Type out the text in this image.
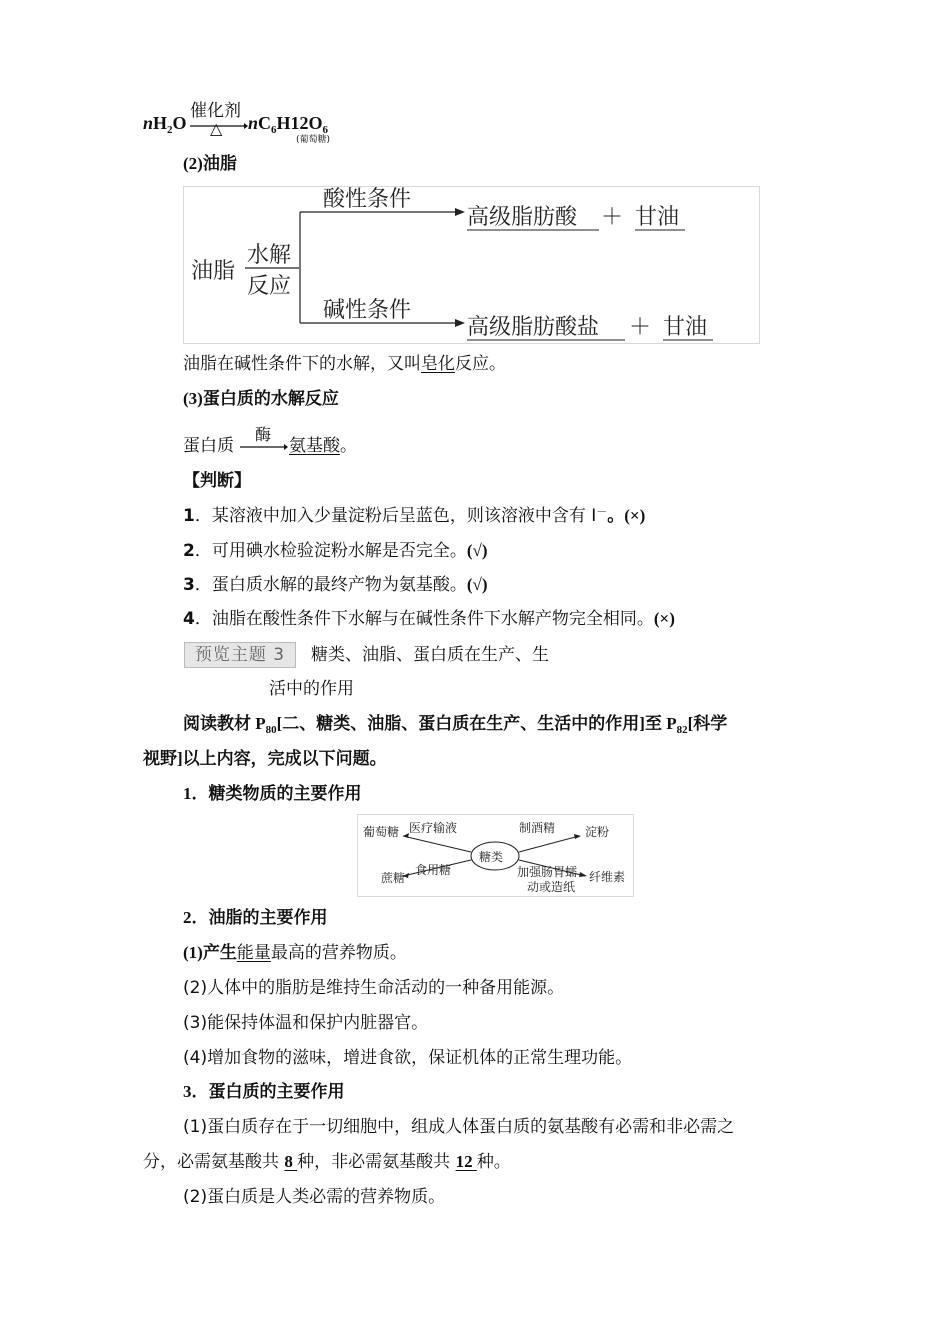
$nH_2O$
催化剂
△ $nC_6H12O_6$
(葡萄糖)
(2)油脂
油脂
水解
反应
酸性条件
碱性条件
高级脂肪酸 ＋ 甘油
高级脂肪酸盐 ＋ 甘油
油脂在碱性条件下的水解，又叫皂化反应。
(3)蛋白质的水解反应
蛋白质
酶
氨基酸。
【判断】
1．某溶液中加入少量淀粉后呈蓝色，则该溶液中含有 I－。(×)
2．可用碘水检验淀粉水解是否完全。(√)
3．蛋白质水解的最终产物为氨基酸。(√)
4．油脂在酸性条件下水解与在碱性条件下水解产物完全相同。(×)
预览主题 3	糖类、油脂、蛋白质在生产、生
活中的作用
阅读教材 $P_{80}$[二、糖类、油脂、蛋白质在生产、生活中的作用]至 $P_{82}$[科学
视野]以上内容，完成以下问题。
1．糖类物质的主要作用
糖类
葡萄糖 医疗输液	制酒精 淀粉
蔗糖
食用糖	加强肠胃蠕
动或造纸
纤维素
2．油脂的主要作用
(1)产生能量最高的营养物质。
(2)人体中的脂肪是维持生命活动的一种备用能源。
(3)能保持体温和保护内脏器官。
(4)增加食物的滋味，增进食欲，保证机体的正常生理功能。
3．蛋白质的主要作用
(1)蛋白质存在于一切细胞中，组成人体蛋白质的氨基酸有必需和非必需之
分，必需氨基酸共 8 种，非必需氨基酸共 12 种。
(2)蛋白质是人类必需的营养物质。
